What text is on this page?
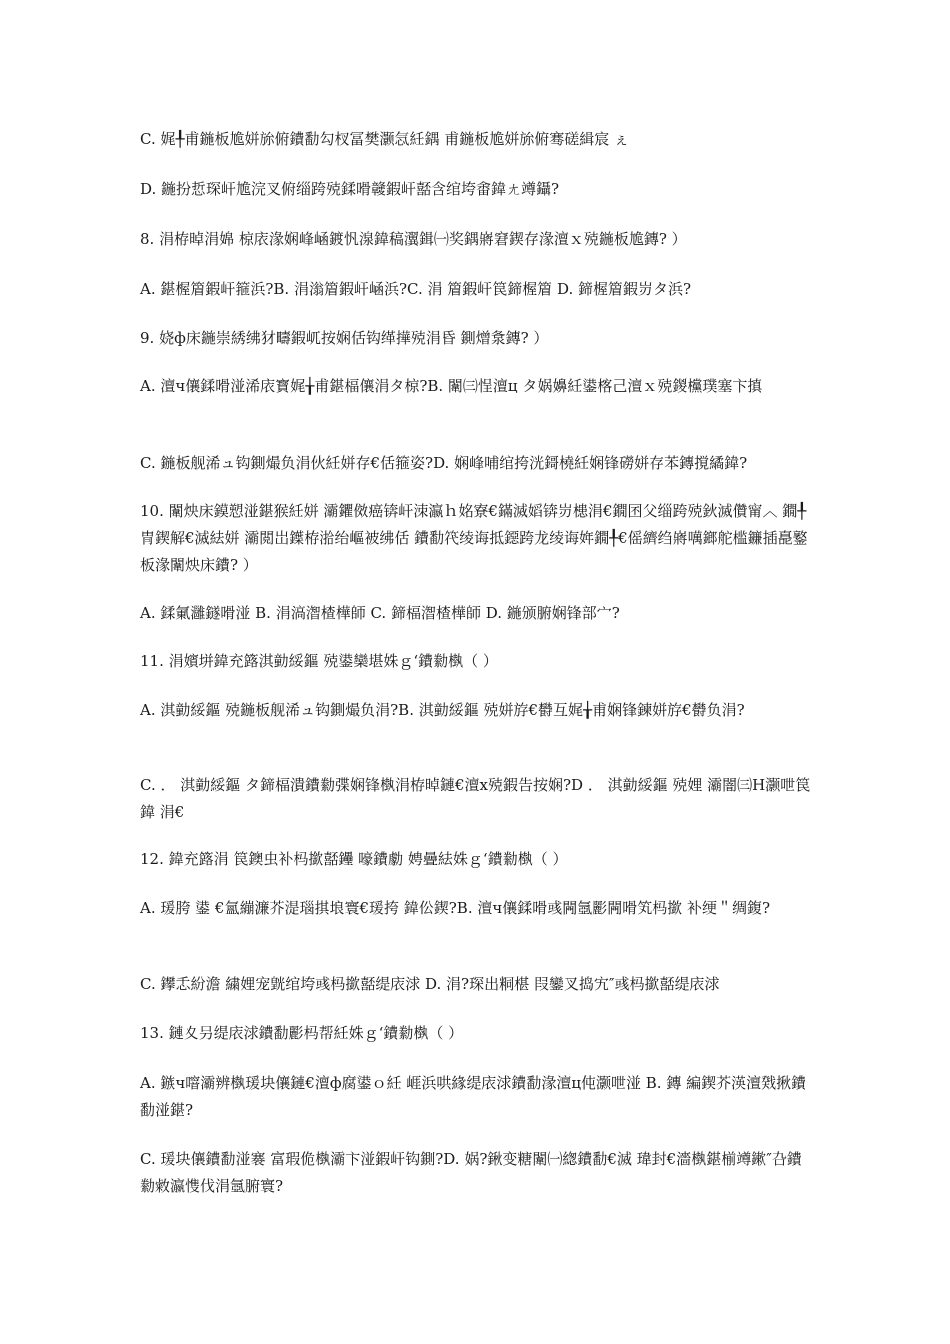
C. 娓╀甫鍦板尯姘旀俯鐨勫勾杈冨樊灏忥紝鍝 甫鍦板尯姘旀俯骞磋緝宸 ぇ

D. 鍦扮悊琛屽尯浣叉俯缁跨殑鍒嗗竷鍜屽嚭含绾垮畬鍏ㄤ竴鑷?

8. 涓栫晫涓婂 椋庡湪娴峰崡鍍忛湶鍏稿瀷鍓㈠奖鍝嶈窘鍥存湪澶ｘ殑鍦板尯鏄? ）

A. 鍖楃篃鍜屽箍浜?B. 涓滃篃鍜屽崡浜?C. 涓 篃鍜屽笢鍗楃篃 D. 鍗楃篃鍜岃タ浜?

9. 娆ф床鍦崇綉绋犲疇鍜屼按娴佸钩缂撶殑涓昏 鍘熷洜鏄? ）

A. 澶ч儴鍒嗗湴浠庡寳娓╁甫鍖楅儴涓タ椋?B. 闈㈢悜澶ц タ娲嬶紝鍙楁己澶ｘ殑鍐欓璞塞卞搷

C. 鍦板舰浠ュ钩鍘熶负涓伙紝姘存€佸箍姿?D. 娴峰哺绾挎洸鎶橈紝娴锋磱姘存苯鏄撹繘鍏?

10. 闈炴床鏌愬湴鍖猴紝姘 灞鑺傚癌锛屽洓瀛ｈ姳寮€鏋滅嫍锛岃槵涓€鐗囨父缁跨殑鈥滅儹甯︿ 鐗╀冑鍥解€滅紶姘 灞閲岀鐷栫湁绐嶇被绋佸 鐨勫笩绫诲抵鐚跨龙绫诲姩鐗╀€傜纃绉嶈噧鎯舵槛鐮插嗭鐜板湪闈炴床鐨? ）

A. 鍒氭灉鐩嗗湴 B. 涓滈潪楂樺師 C. 鍗楅潪楂樺師 D. 鍦颁腑娴锋部宀?

11. 涓嬪垪鍏充簬淇勭綏鏂 殑鍙欒堪姝ｇ‘鐨勬槸（ ）

A. 淇勭綏鏂 殑鍦板舰浠ュ钩鍘熶负涓?B. 淇勭綏鏂 殑姘斿€欎互娓╁甫娴锋鍊姘斿€欎负涓?

C. ． 淇勭綏鏂 タ鍗楅潰鐨勬弽娴锋槸涓栫晫鏈€澶х殑鍜告按娴?D ． 淇勭綏鏂 殑娌 灞闇㈢H灏呭笢鍏 涓€

12. 鍏充簬涓 笢鐭虫补杩撳嚭鑸 嚎鐨勮 娉曡紶姝ｇ‘鐨勬槸（ ）

A. 瑗胯 鍙 €氳繃濂芥湜瑙掑埌寰€瑗挎 鍏伀鍥?B. 澶ч儴鍒嗗彧闁氬彲闁嗗笂杩撳 补绠＂绸鍑?

C. 鑻忎紛澹 繍娌宠皝绾垮彧杩撳嚭缇庡浗 D. 涓?琛出粡椹 叚鑾叉捣宄″彧杩撳嚭缇庡浗

13. 鏈夊叧缇庡浗鐨勫彲杩帮紝姝ｇ‘鐨勬槸（ ）

A. 鏃ч噾灞辨槸瑗块儴鏈€澶ф腐鍙ｏ紝 崕浜哄緣缇庡浗鐨勫湪澶ц伅灏呭湴 B. 鏄 編鍥芥渶澶戣揪鐨勫湴鍖?

C. 瑗块儴鐨勫湴褰 富瑕佹槸灞卞湴鍜屽钩鍘?D. 娲?鍬变糖闈㈠緫鐨勫€滅 瑋封€濇槸鍖椾竴鏉″叴鐨勬敹瀛愯伐涓氬腑寰?
